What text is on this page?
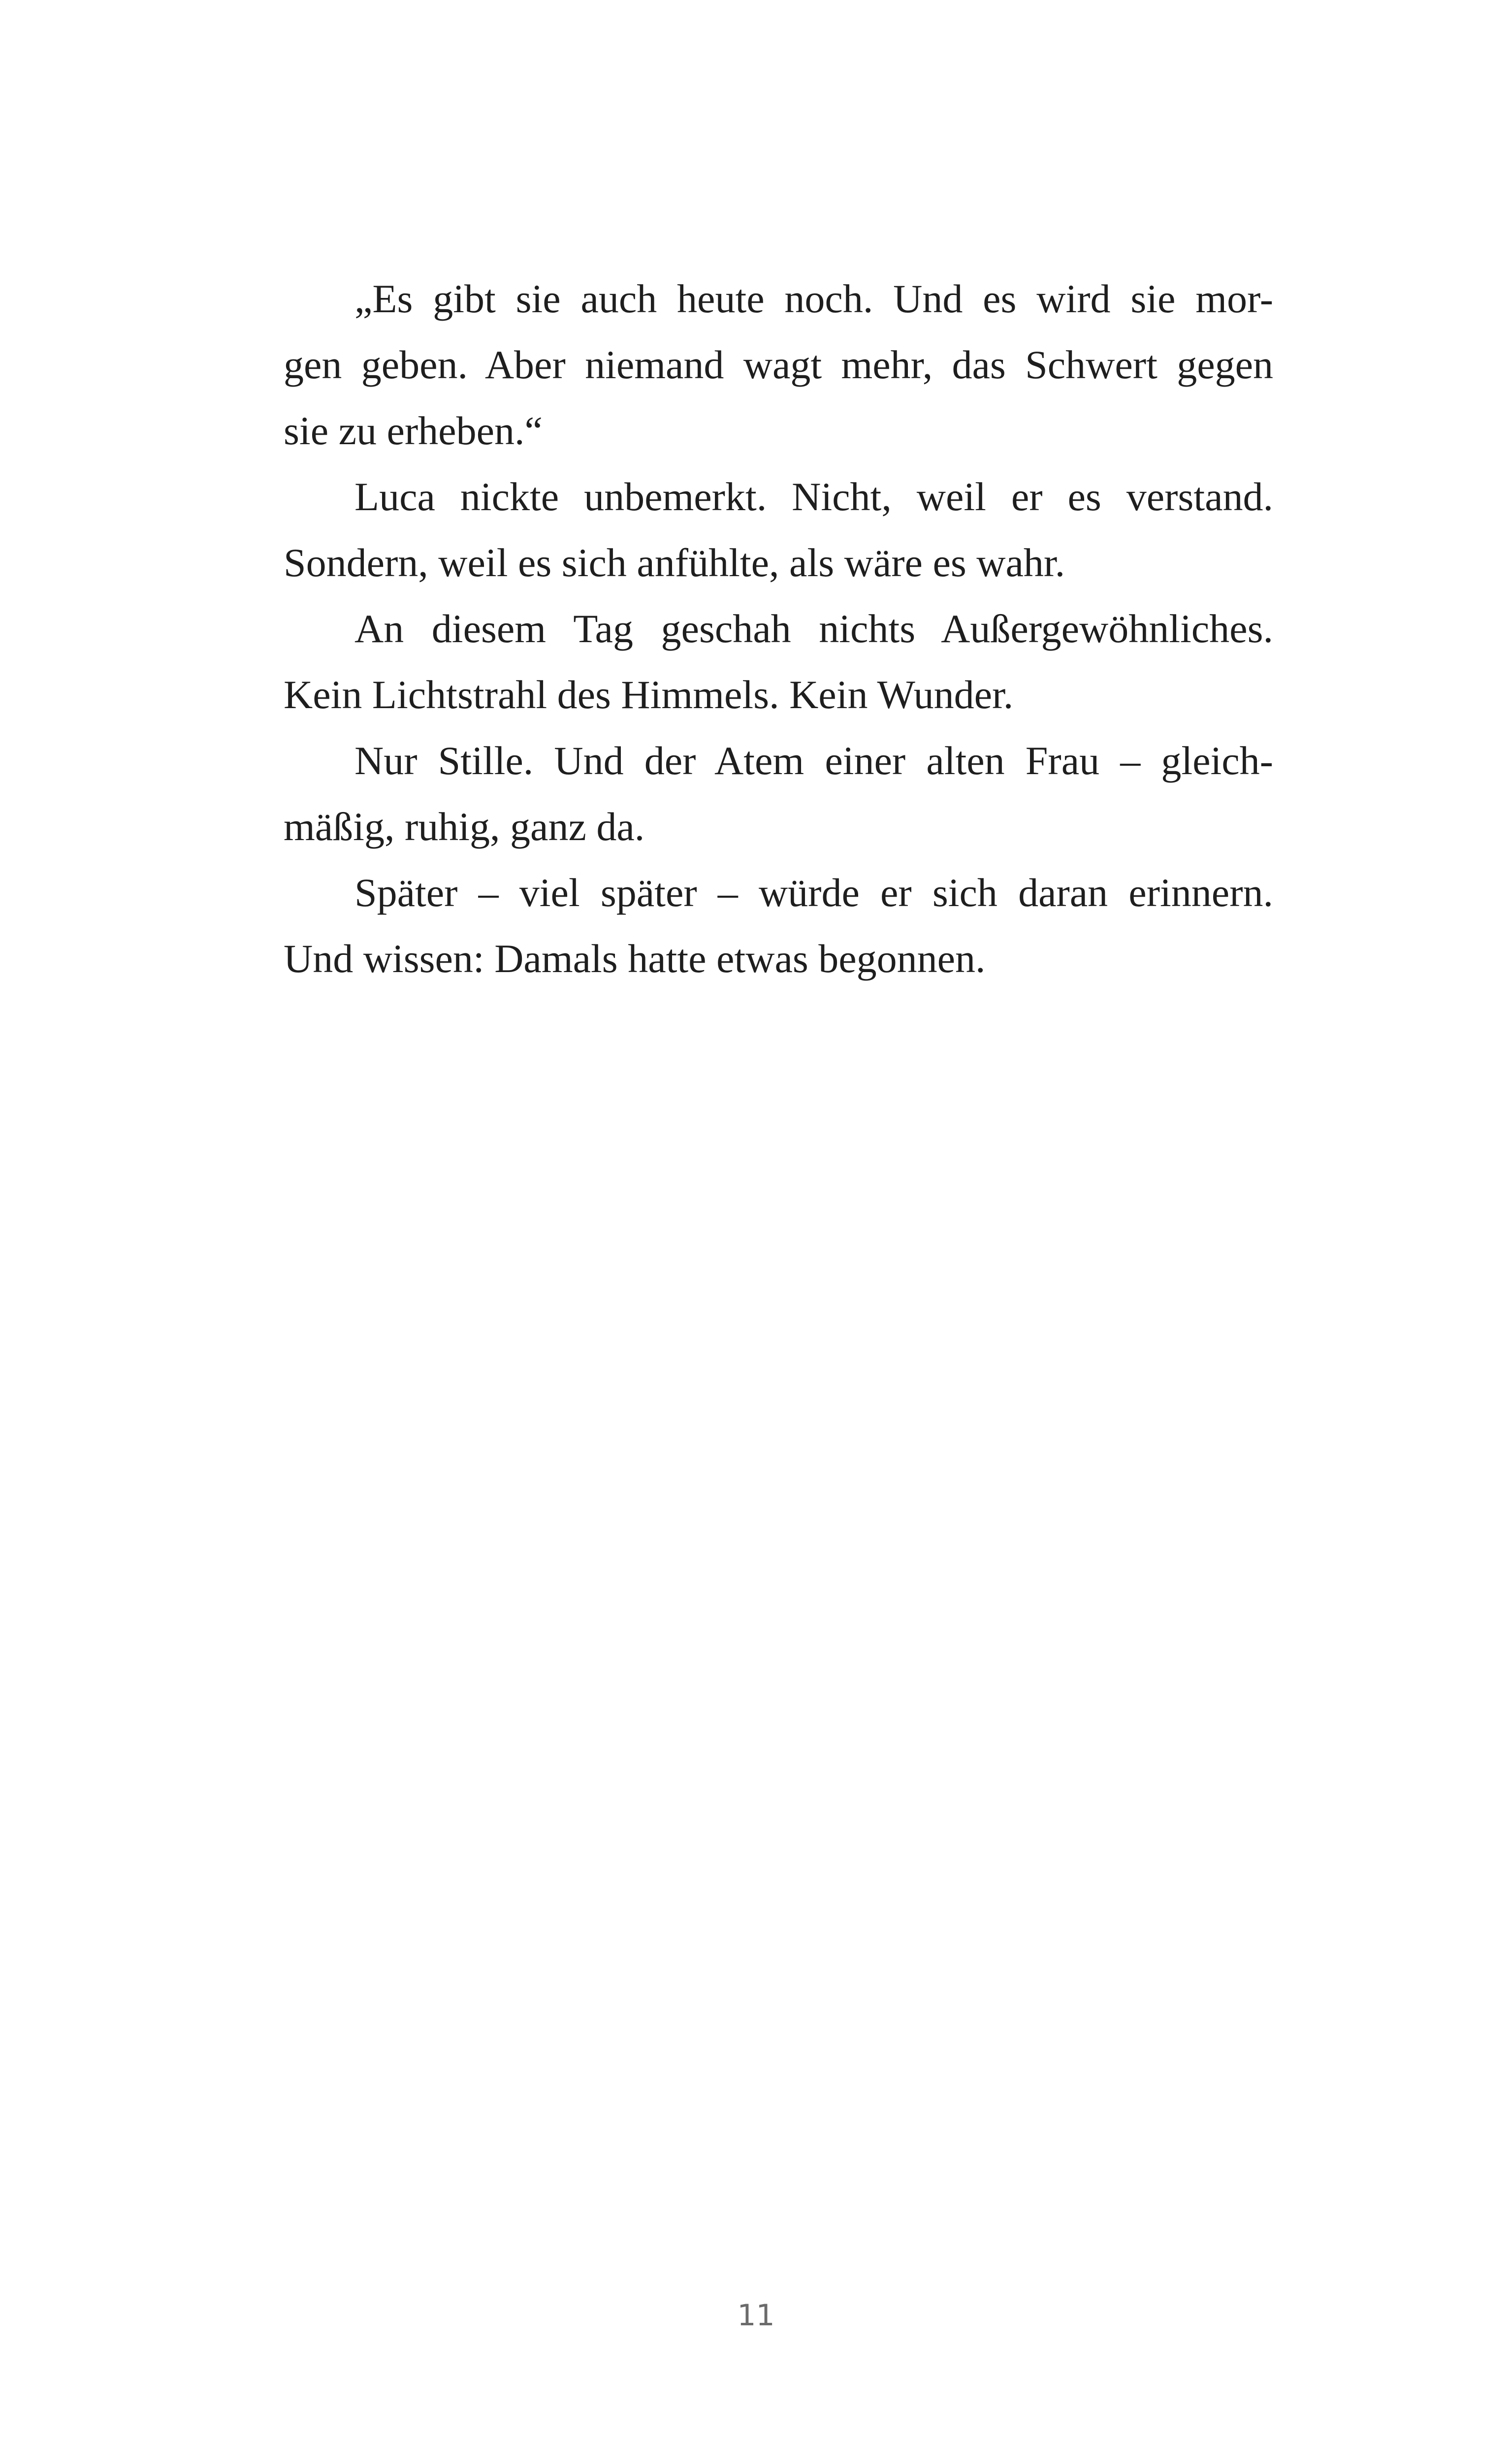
„Es gibt sie auch heute noch. Und es wird sie mor-
gen geben. Aber niemand wagt mehr, das Schwert gegen
sie zu erheben.“
Luca nickte unbemerkt. Nicht, weil er es verstand.
Sondern, weil es sich anfühlte, als wäre es wahr.
An diesem Tag geschah nichts Außergewöhnliches.
Kein Lichtstrahl des Himmels. Kein Wunder.
Nur Stille. Und der Atem einer alten Frau – gleich-
mäßig, ruhig, ganz da.
Später – viel später – würde er sich daran erinnern.
Und wissen: Damals hatte etwas begonnen.
11
